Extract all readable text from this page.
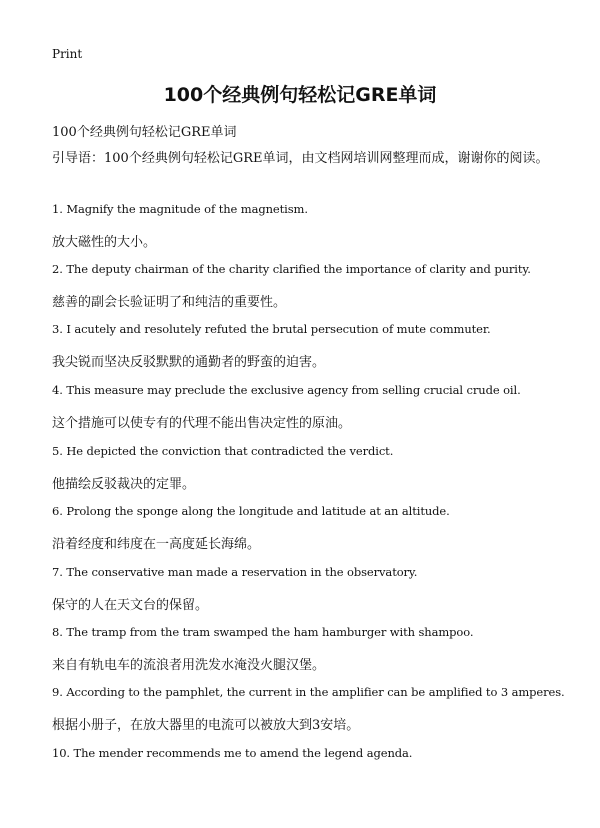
Print
100个经典例句轻松记GRE单词
100个经典例句轻松记GRE单词
引导语：100个经典例句轻松记GRE单词，由文档网培训网整理而成，谢谢你的阅读。
1. Magnify the magnitude of the magnetism.
放大磁性的大小。
2. The deputy chairman of the charity clarified the importance of clarity and purity.
慈善的副会长验证明了和纯洁的重要性。
3. I acutely and resolutely refuted the brutal persecution of mute commuter.
我尖锐而坚决反驳默默的通勤者的野蛮的迫害。
4. This measure may preclude the exclusive agency from selling crucial crude oil.
这个措施可以使专有的代理不能出售决定性的原油。
5. He depicted the conviction that contradicted the verdict.
他描绘反驳裁决的定罪。
6. Prolong the sponge along the longitude and latitude at an altitude.
沿着经度和纬度在一高度延长海绵。
7. The conservative man made a reservation in the observatory.
保守的人在天文台的保留。
8. The tramp from the tram swamped the ham hamburger with shampoo.
来自有轨电车的流浪者用洗发水淹没火腿汉堡。
9. According to the pamphlet, the current in the amplifier can be amplified to 3 amperes.
根据小册子，在放大器里的电流可以被放大到3安培。
10. The mender recommends me to amend the legend agenda.
